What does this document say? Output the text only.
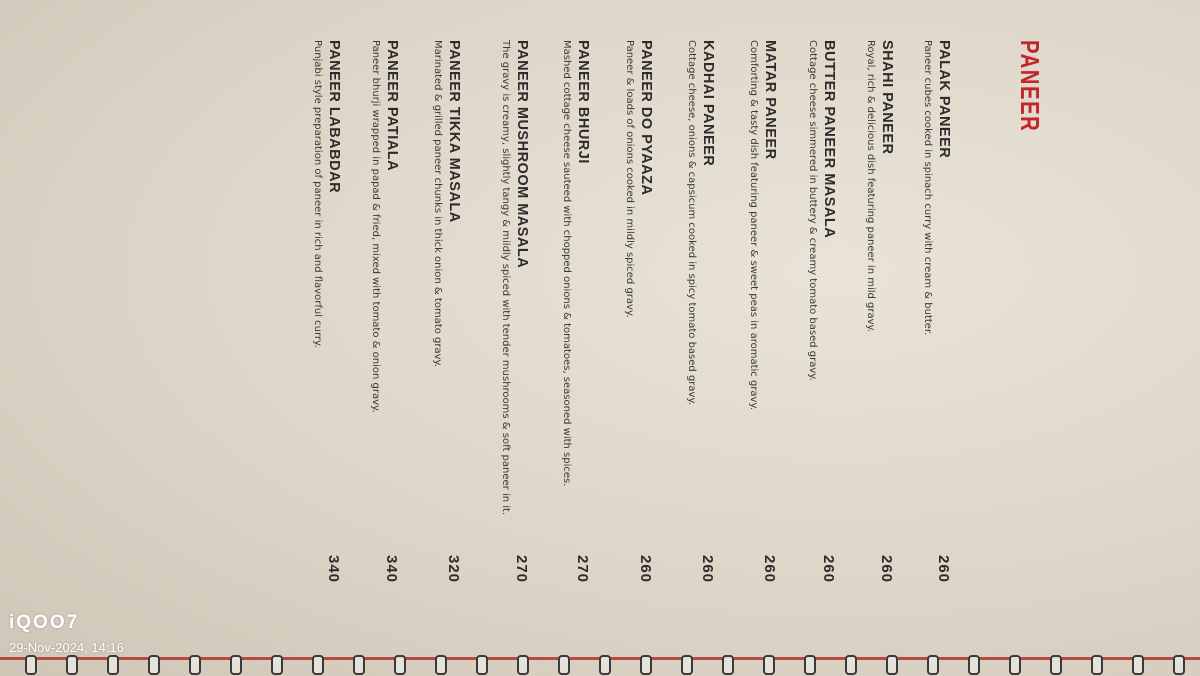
PANEER
PALAK PANEER
Paneer cubes cooked in spinach curry with cream & butter.
260
SHAHI PANEER
Royal, rich & delicious dish featuring paneer in mild gravy.
260
BUTTER PANEER MASALA
Cottage cheese simmered in buttery & creamy tomato based gravy.
260
MATAR PANEER
Comforting & tasty dish featuring paneer & sweet peas in aromatic gravy.
260
KADHAI PANEER
Cottage cheese, onions & capsicum cooked in spicy tomato based gravy.
260
PANEER DO PYAAZA
Paneer & loads of onions cooked in mildly spiced gravy.
260
PANEER BHURJI
Mashed cottage cheese sauteed with chopped onions & tomatoes, seasoned with spices.
270
PANEER MUSHROOM MASALA
The gravy is creamy, slightly tangy & mildly spiced with tender mushrooms & soft paneer in it.
270
PANEER TIKKA MASALA
Marinated & grilled paneer chunks in thick onion & tomato gravy.
320
PANEER PATIALA
Paneer bhurji wrapped in papad & fried, mixed with tomato & onion gravy.
340
PANEER LABABDAR
Punjabi style preparation of paneer in rich and flavorful curry.
340
iQOO7
29-Nov-2024, 14:16
